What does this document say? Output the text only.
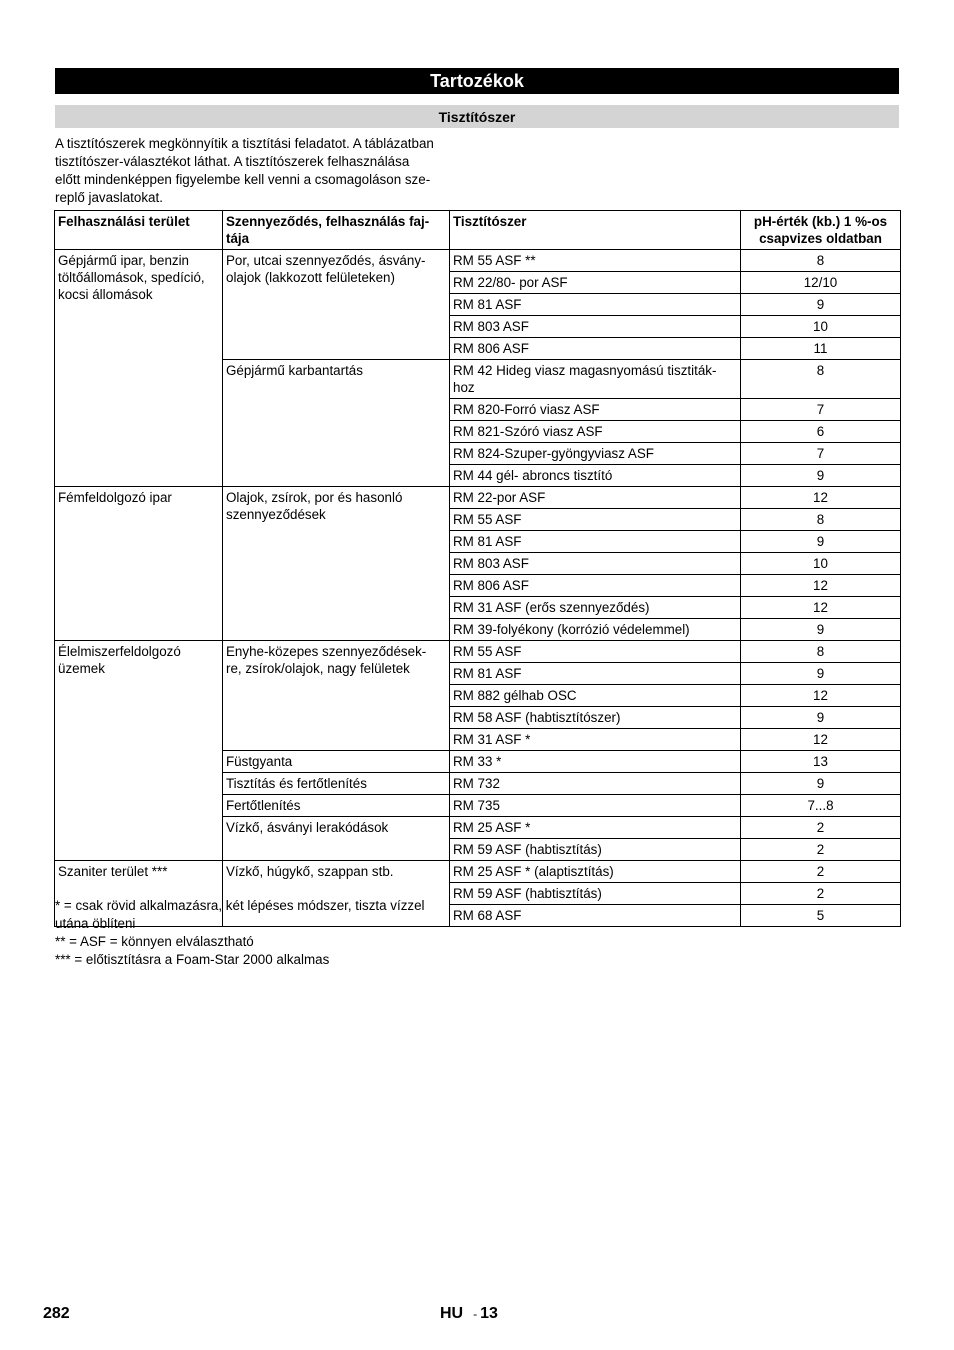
Tartozékok
Tisztítószer
A tisztítószerek megkönnyítik a tisztítási feladatot. A táblázatban
tisztítószer-választékot láthat. A tisztítószerek felhasználása
előtt mindenképpen figyelembe kell venni a csomagoláson sze-
replő javaslatokat.
Felhasználási terület	Szennyeződés, felhasználás faj-
tája	Tisztítószer	pH-érték (kb.) 1 %-os
csapvizes oldatban
Gépjármű ipar, benzin
töltőállomások, spedíció,
kocsi állomások	Por, utcai szennyeződés, ásvány-
olajok (lakkozott felületeken)	RM 55 ASF **	8
		RM 22/80- por ASF	12/10
		RM 81 ASF	9
		RM 803 ASF	10
		RM 806 ASF	11
	Gépjármű karbantartás	RM 42 Hideg viasz magasnyomású tisztiták-
hoz	8
		RM 820-Forró viasz ASF	7
		RM 821-Szóró viasz ASF	6
		RM 824-Szuper-gyöngyviasz ASF	7
		RM 44 gél- abroncs tisztító	9
Fémfeldolgozó ipar	Olajok, zsírok, por és hasonló
szennyeződések	RM 22-por ASF	12
		RM 55 ASF	8
		RM 81 ASF	9
		RM 803 ASF	10
		RM 806 ASF	12
		RM 31 ASF (erős szennyeződés)	12
		RM 39-folyékony (korrózió védelemmel)	9
Élelmiszerfeldolgozó
üzemek	Enyhe-közepes szennyeződések-
re, zsírok/olajok, nagy felületek	RM 55 ASF	8
		RM 81 ASF	9
		RM 882 gélhab OSC	12
		RM 58 ASF (habtisztítószer)	9
		RM 31 ASF *	12
	Füstgyanta	RM 33 *	13
	Tisztítás és fertőtlenítés	RM 732	9
	Fertőtlenítés	RM 735	7...8
	Vízkő, ásványi lerakódások	RM 25 ASF *	2
		RM 59 ASF (habtisztítás)	2
Szaniter terület ***	Vízkő, húgykő, szappan stb.	RM 25 ASF * (alaptisztítás)	2
		RM 59 ASF (habtisztítás)	2
		RM 68 ASF	5
* = csak rövid alkalmazásra, két lépéses módszer, tiszta vízzel
utána öblíteni
** = ASF = könnyen elválasztható
*** = előtisztításra a Foam-Star 2000 alkalmas
282	HU - 13
